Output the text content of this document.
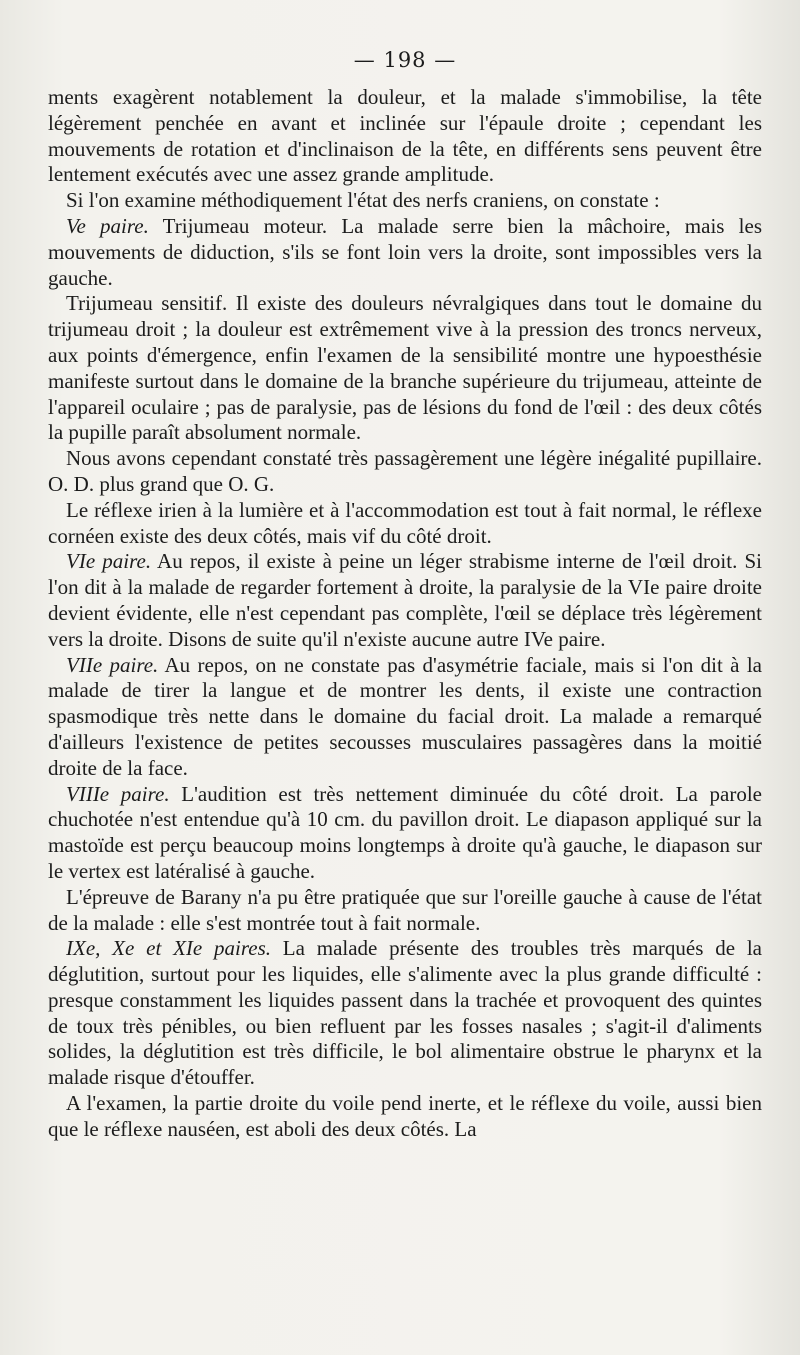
— 198 —

ments exagèrent notablement la douleur, et la malade s'immobilise, la tête légèrement penchée en avant et inclinée sur l'épaule droite ; cependant les mouvements de rotation et d'inclinaison de la tête, en différents sens peuvent être lentement exécutés avec une assez grande amplitude.

Si l'on examine méthodiquement l'état des nerfs craniens, on constate :

Ve paire. Trijumeau moteur. La malade serre bien la mâchoire, mais les mouvements de diduction, s'ils se font loin vers la droite, sont impossibles vers la gauche.

Trijumeau sensitif. Il existe des douleurs névralgiques dans tout le domaine du trijumeau droit ; la douleur est extrêmement vive à la pression des troncs nerveux, aux points d'émergence, enfin l'examen de la sensibilité montre une hypoesthésie manifeste surtout dans le domaine de la branche supérieure du trijumeau, atteinte de l'appareil oculaire ; pas de paralysie, pas de lésions du fond de l'œil : des deux côtés la pupille paraît absolument normale.

Nous avons cependant constaté très passagèrement une légère inégalité pupillaire. O. D. plus grand que O. G.

Le réflexe irien à la lumière et à l'accommodation est tout à fait normal, le réflexe cornéen existe des deux côtés, mais vif du côté droit.

VIe paire. Au repos, il existe à peine un léger strabisme interne de l'œil droit. Si l'on dit à la malade de regarder fortement à droite, la paralysie de la VIe paire droite devient évidente, elle n'est cependant pas complète, l'œil se déplace très légèrement vers la droite. Disons de suite qu'il n'existe aucune autre IVe paire.

VIIe paire. Au repos, on ne constate pas d'asymétrie faciale, mais si l'on dit à la malade de tirer la langue et de montrer les dents, il existe une contraction spasmodique très nette dans le domaine du facial droit. La malade a remarqué d'ailleurs l'existence de petites secousses musculaires passagères dans la moitié droite de la face.

VIIIe paire. L'audition est très nettement diminuée du côté droit. La parole chuchotée n'est entendue qu'à 10 cm. du pavillon droit. Le diapason appliqué sur la mastoïde est perçu beaucoup moins longtemps à droite qu'à gauche, le diapason sur le vertex est latéralisé à gauche.

L'épreuve de Barany n'a pu être pratiquée que sur l'oreille gauche à cause de l'état de la malade : elle s'est montrée tout à fait normale.

IXe, Xe et XIe paires. La malade présente des troubles très marqués de la déglutition, surtout pour les liquides, elle s'alimente avec la plus grande difficulté : presque constamment les liquides passent dans la trachée et provoquent des quintes de toux très pénibles, ou bien refluent par les fosses nasales ; s'agit-il d'aliments solides, la déglutition est très difficile, le bol alimentaire obstrue le pharynx et la malade risque d'étouffer.

A l'examen, la partie droite du voile pend inerte, et le réflexe du voile, aussi bien que le réflexe nauséen, est aboli des deux côtés. La
